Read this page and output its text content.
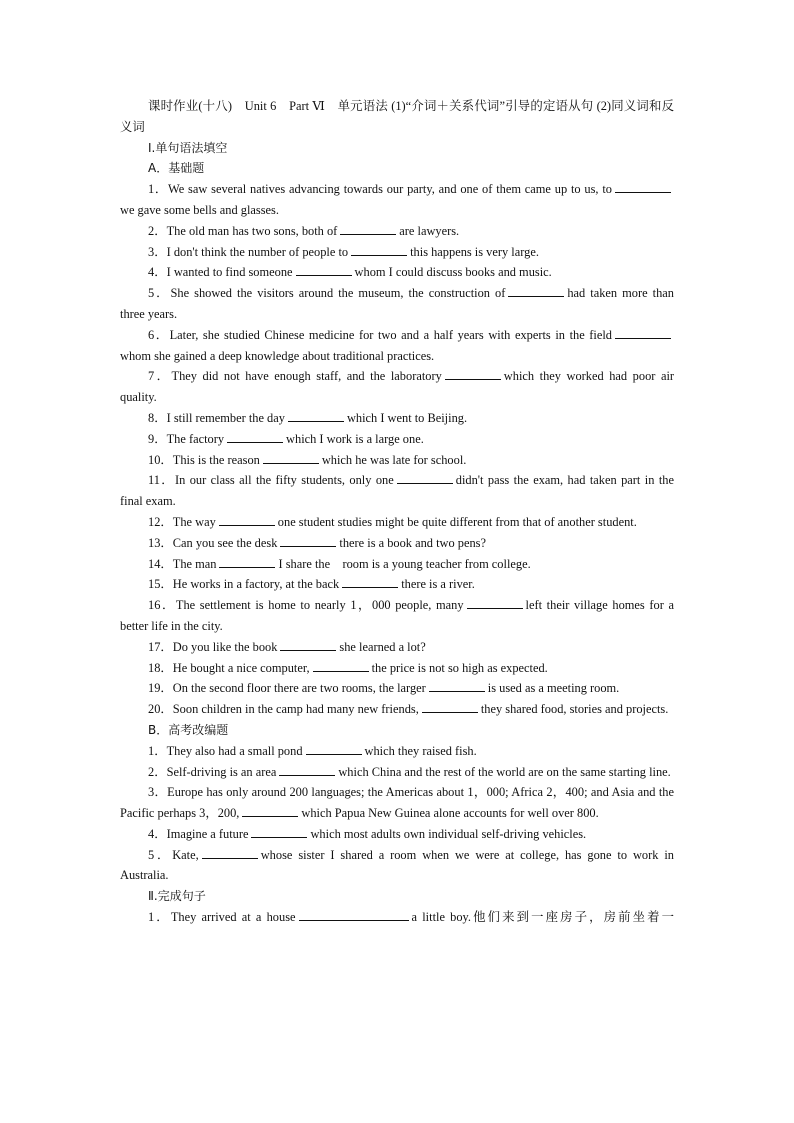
课时作业(十八)　Unit 6　Part Ⅵ　单元语法 (1)“介词＋关系代词”引导的定语从句 (2)同义词和反义词

Ⅰ.单句语法填空

A．基础题

1．We saw several natives advancing towards our party, and one of them came up to us, towe gave some bells and glasses.

2．The old man has two sons, both of	are lawyers.

3．I don't think the number of people to	this happens is very large.

4．I wanted to find someone	whom I could discuss books and music.

5．She showed the visitors around the museum, the construction of	had taken more than three years.

6．Later, she studied Chinese medicine for two and a half years with experts in the fieldwhom she gained a deep knowledge about traditional practices.

7．They did not have enough staff, and the laboratory	which they worked had poor air quality.

8．I still remember the day	which I went to Beijing.

9．The factory	which I work is a large one.

10．This is the reason	which he was late for school.

11．In our class all the fifty students, only one	didn't pass the exam, had taken part in the final exam.

12．The way	one student studies might be quite different from that of another student.

13．Can you see the desk	there is a book and two pens?

14．The man	I share the　room is a young teacher from college.

15．He works in a factory, at the back	there is a river.

16．The settlement is home to nearly 1，000 people, many	left their village homes for a better life in the city.

17．Do you like the book	she learned a lot?

18．He bought a nice computer,	the price is not so high as expected.

19．On the second floor there are two rooms, the larger	is used as a meeting room.

20．Soon children in the camp had many new friends,	they shared food, stories and projects.

B．高考改编题

1．They also had a small pond	which they raised fish.

2．Self-driving is an area	which China and the rest of the world are on the same starting line.

3．Europe has only around 200 languages; the Americas about 1，000; Africa 2，400; and Asia and the Pacific perhaps 3，200,	which Papua New Guinea alone accounts for well over 800.

4．Imagine a future	which most adults own individual self-driving vehicles.

5．Kate,	whose sister I shared a room when we were at college, has gone to work in Australia.

Ⅱ.完成句子

1．They arrived at a house	a little boy.他们来到一座房子，房前坐着一
